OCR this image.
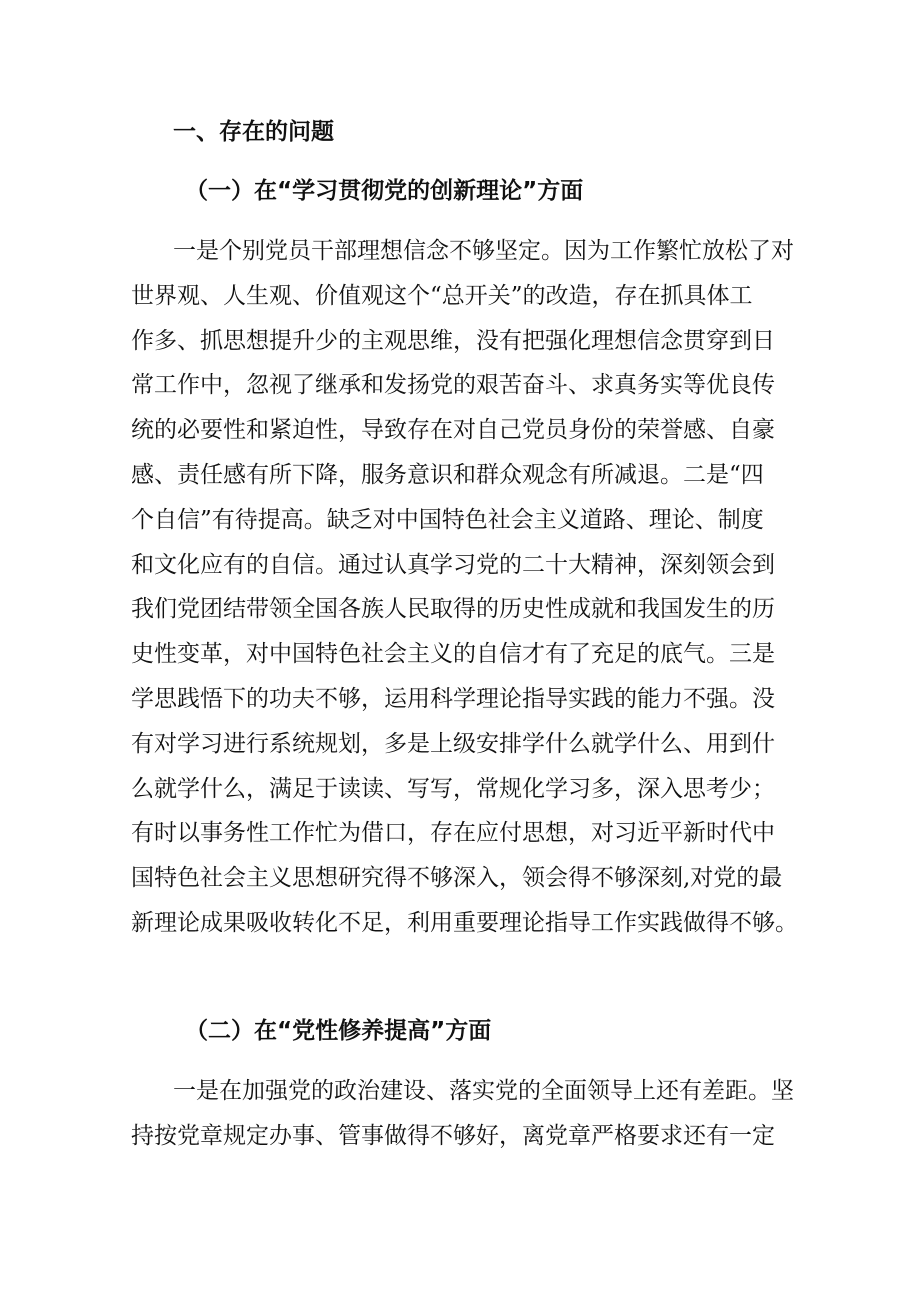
一、存在的问题
（一）在“学习贯彻党的创新理论”方面
一是个别党员干部理想信念不够坚定。因为工作繁忙放松了对
世界观、人生观、价值观这个“总开关”的改造，存在抓具体工
作多、抓思想提升少的主观思维，没有把强化理想信念贯穿到日
常工作中，忽视了继承和发扬党的艰苦奋斗、求真务实等优良传
统的必要性和紧迫性，导致存在对自己党员身份的荣誉感、自豪
感、责任感有所下降，服务意识和群众观念有所减退。二是“四
个自信”有待提高。缺乏对中国特色社会主义道路、理论、制度
和文化应有的自信。通过认真学习党的二十大精神，深刻领会到
我们党团结带领全国各族人民取得的历史性成就和我国发生的历
史性变革，对中国特色社会主义的自信才有了充足的底气。三是
学思践悟下的功夫不够，运用科学理论指导实践的能力不强。没
有对学习进行系统规划，多是上级安排学什么就学什么、用到什
么就学什么，满足于读读、写写，常规化学习多，深入思考少；
有时以事务性工作忙为借口，存在应付思想，对习近平新时代中
国特色社会主义思想研究得不够深入，领会得不够深刻,对党的最
新理论成果吸收转化不足，利用重要理论指导工作实践做得不够。
（二）在“党性修养提高”方面
一是在加强党的政治建设、落实党的全面领导上还有差距。坚
持按党章规定办事、管事做得不够好，离党章严格要求还有一定
